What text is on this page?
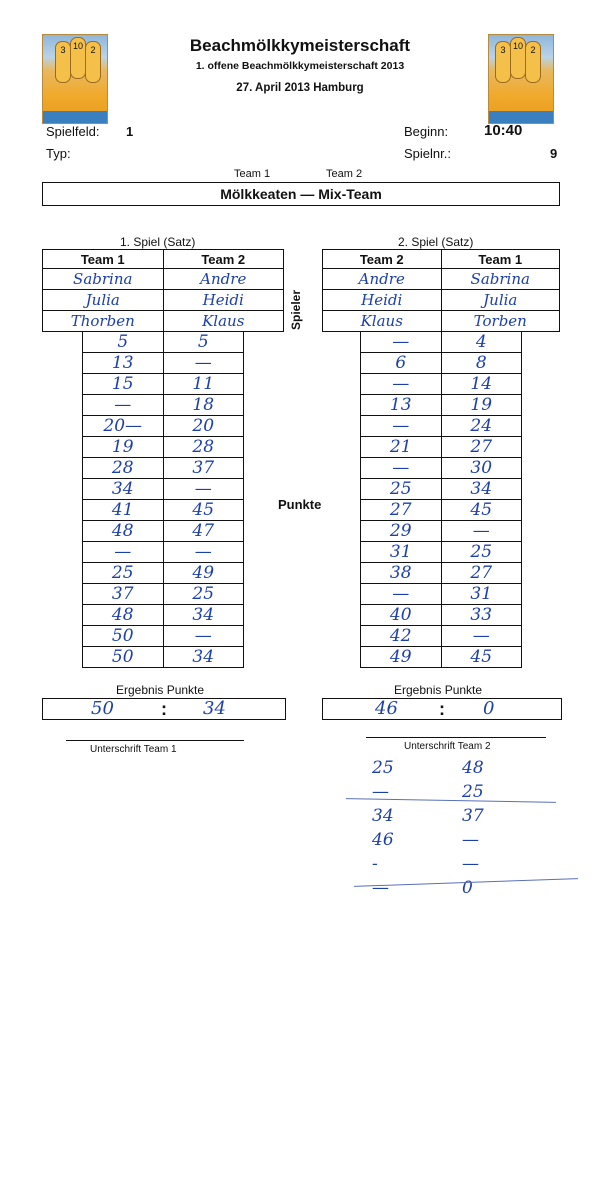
3 10 2	3 10 2
Beachmölkkymeisterschaft
1. offene Beachmölkkymeisterschaft 2013
27. April 2013 Hamburg
Spielfeld: 1
Typ:
Beginn: 10:40
Spielnr.:	9
Team 1	Team 2
Mölkkeaten — Mix-Team
1. Spiel (Satz)
Team 1	Team 2
Sabrina	Andre
Julia	Heidi
Thorben	Klaus
5	5
13	—
15	11
—	18
20—	20
19	28
28	37
34	—
41	45
48	47
—	—
25	49
37	25
48	34
50	—
50	34
Ergebnis Punkte
50	: 34
Unterschrift Team 1
Spieler
Punkte
2. Spiel (Satz)
Team 2	Team 1
Andre	Sabrina
Heidi	Julia
Klaus	Torben
—	4
6	8
—	14
13	19
—	24
21	27
—	30
25	34
27	45
29	—
31	25
38	27
—	31
40	33
42	—
49	45
Ergebnis Punkte
46 : 0
Unterschrift Team 2
25	48
—	25
34	37
46	—
-	—
—	0
